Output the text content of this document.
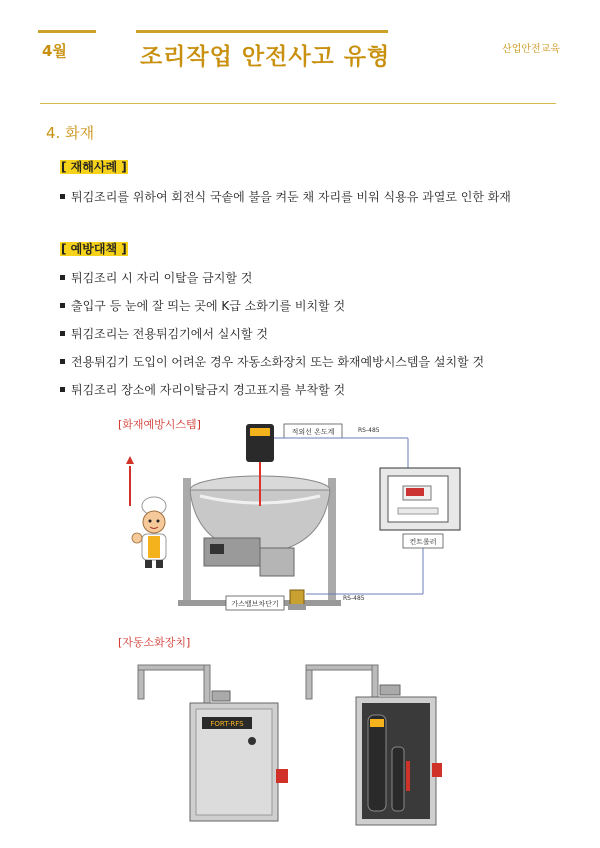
4월	조리작업 안전사고 유형	산업안전교육
4. 화재
[ 재해사례 ]
튀김조리를 위하여 회전식 국솥에 불을 켜둔 채 자리를 비워 식용유 과열로 인한 화재
[ 예방대책 ]
튀김조리 시 자리 이탈을 금지할 것
출입구 등 눈에 잘 띄는 곳에 K급 소화기를 비치할 것
튀김조리는 전용튀김기에서 실시할 것
전용튀김기 도입이 어려운 경우 자동소화장치 또는 화재예방시스템을 설치할 것
튀김조리 장소에 자리이탈금지 경고표지를 부착할 것
[화재예방시스템]
적외선 온도계	RS-485
컨트롤러
RS-485
가스밸브차단기
[자동소화장치]
FORT-RFS
